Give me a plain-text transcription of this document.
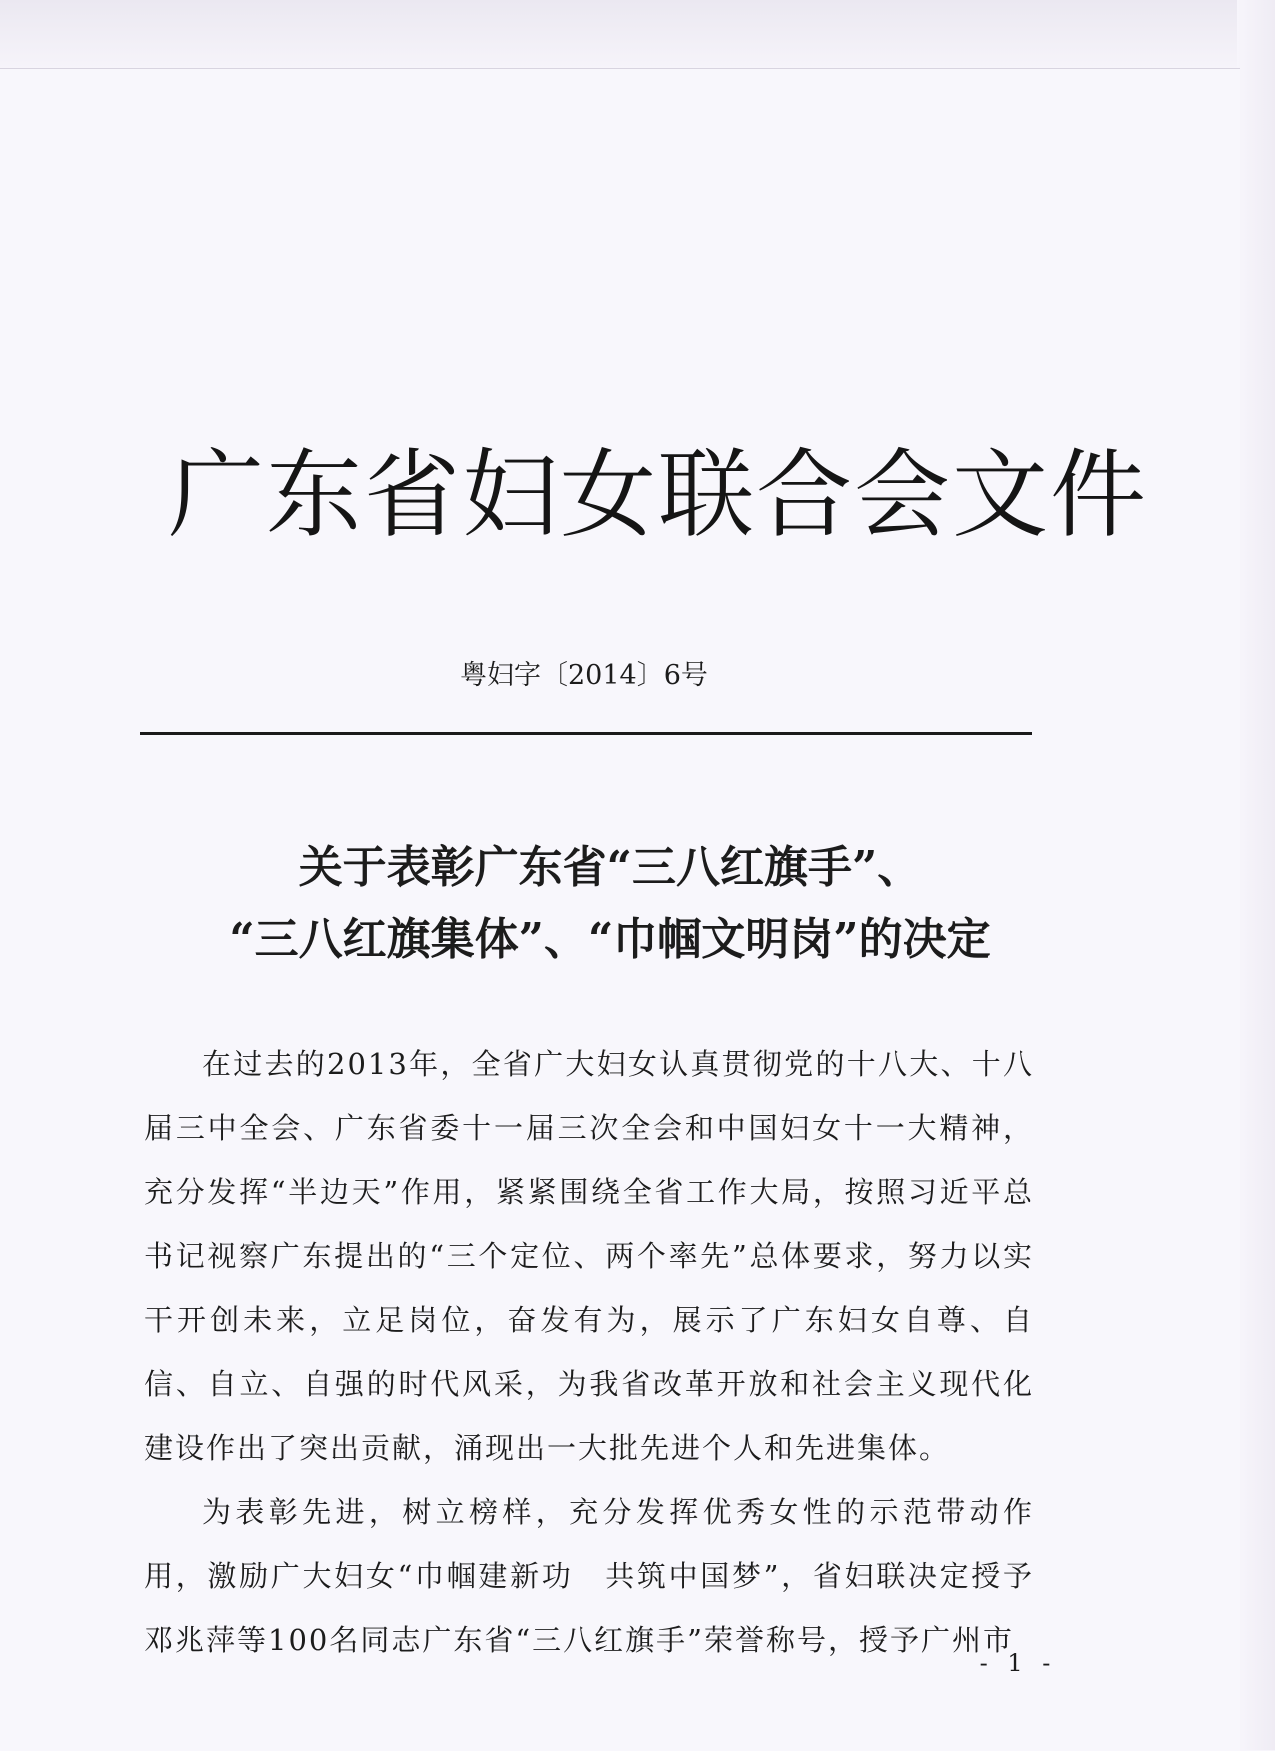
广东省妇女联合会文件
粤妇字〔2014〕6号
关于表彰广东省“三八红旗手”、
“三八红旗集体”、“巾帼文明岗”的决定

在过去的2013年，全省广大妇女认真贯彻党的十八大、十八届三中全会、广东省委十一届三次全会和中国妇女十一大精神，充分发挥“半边天”作用，紧紧围绕全省工作大局，按照习近平总书记视察广东提出的“三个定位、两个率先”总体要求，努力以实干开创未来，立足岗位，奋发有为，展示了广东妇女自尊、自信、自立、自强的时代风采，为我省改革开放和社会主义现代化建设作出了突出贡献，涌现出一大批先进个人和先进集体。

为表彰先进，树立榜样，充分发挥优秀女性的示范带动作用，激励广大妇女“巾帼建新功　共筑中国梦”，省妇联决定授予邓兆萍等100名同志广东省“三八红旗手”荣誉称号，授予广州市

- 1 -
